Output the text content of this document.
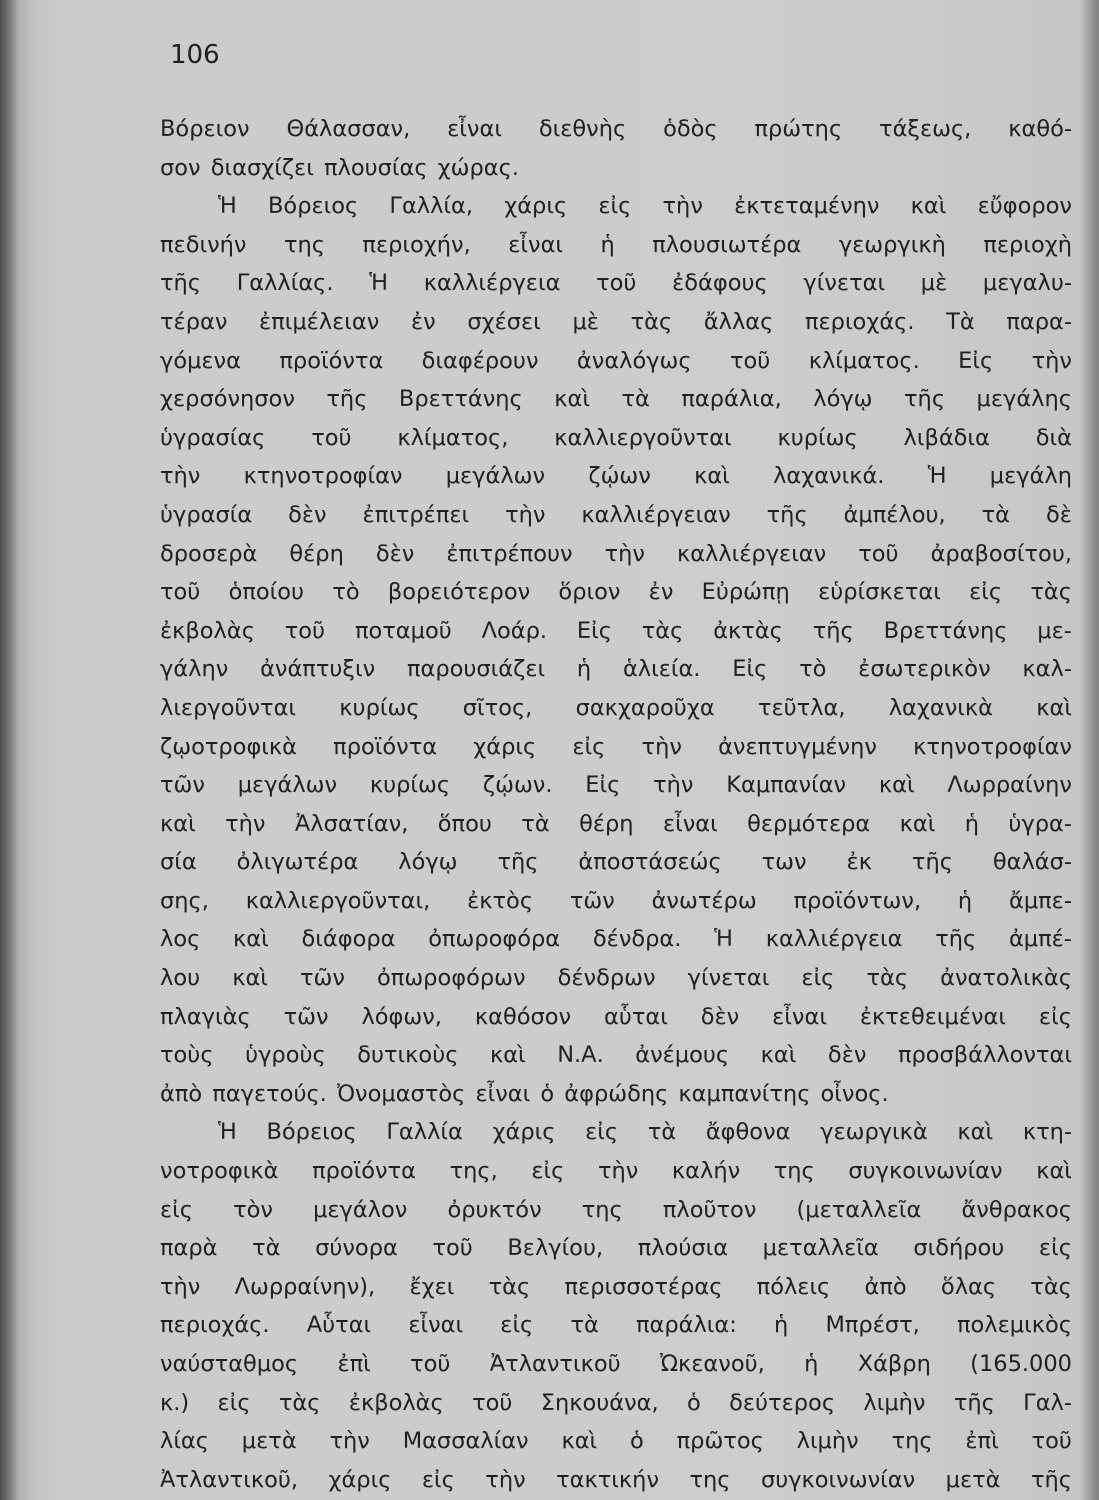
106
Βόρειον Θάλασσαν, εἶναι διεθνὴς ὁδὸς πρώτης τάξεως, καθό-
σον διασχίζει πλουσίας χώρας.
Ἡ Βόρειος Γαλλία, χάρις εἰς τὴν ἐκτεταμένην καὶ εὔφορον
πεδινήν της περιοχήν, εἶναι ἡ πλουσιωτέρα γεωργικὴ περιοχὴ
τῆς Γαλλίας. Ἡ καλλιέργεια τοῦ ἐδάφους γίνεται μὲ μεγαλυ-
τέραν ἐπιμέλειαν ἐν σχέσει μὲ τὰς ἄλλας περιοχάς. Τὰ παρα-
γόμενα προϊόντα διαφέρουν ἀναλόγως τοῦ κλίματος. Εἰς τὴν
χερσόνησον τῆς Βρεττάνης καὶ τὰ παράλια, λόγῳ τῆς μεγάλης
ὑγρασίας τοῦ κλίματος, καλλιεργοῦνται κυρίως λιβάδια διὰ
τὴν κτηνοτροφίαν μεγάλων ζῴων καὶ λαχανικά. Ἡ μεγάλη
ὑγρασία δὲν ἐπιτρέπει τὴν καλλιέργειαν τῆς ἀμπέλου, τὰ δὲ
δροσερὰ θέρη δὲν ἐπιτρέπουν τὴν καλλιέργειαν τοῦ ἀραβοσίτου,
τοῦ ὁποίου τὸ βορειότερον ὅριον ἐν Εὐρώπῃ εὑρίσκεται εἰς τὰς
ἐκβολὰς τοῦ ποταμοῦ Λοάρ. Εἰς τὰς ἀκτὰς τῆς Βρεττάνης με-
γάλην ἀνάπτυξιν παρουσιάζει ἡ ἁλιεία. Εἰς τὸ ἐσωτερικὸν καλ-
λιεργοῦνται κυρίως σῖτος, σακχαροῦχα τεῦτλα, λαχανικὰ καὶ
ζῳοτροφικὰ προϊόντα χάρις εἰς τὴν ἀνεπτυγμένην κτηνοτροφίαν
τῶν μεγάλων κυρίως ζῴων. Εἰς τὴν Καμπανίαν καὶ Λωρραίνην
καὶ τὴν Ἀλσατίαν, ὅπου τὰ θέρη εἶναι θερμότερα καὶ ἡ ὑγρα-
σία ὀλιγωτέρα λόγῳ τῆς ἀποστάσεώς των ἐκ τῆς θαλάσ-
σης, καλλιεργοῦνται, ἐκτὸς τῶν ἀνωτέρω προϊόντων, ἡ ἄμπε-
λος καὶ διάφορα ὀπωροφόρα δένδρα. Ἡ καλλιέργεια τῆς ἀμπέ-
λου καὶ τῶν ὀπωροφόρων δένδρων γίνεται εἰς τὰς ἀνατολικὰς
πλαγιὰς τῶν λόφων, καθόσον αὗται δὲν εἶναι ἐκτεθειμέναι εἰς
τοὺς ὑγροὺς δυτικοὺς καὶ Ν.Α. ἀνέμους καὶ δὲν προσβάλλονται
ἀπὸ παγετούς. Ὀνομαστὸς εἶναι ὁ ἀφρώδης καμπανίτης οἶνος.
Ἡ Βόρειος Γαλλία χάρις εἰς τὰ ἄφθονα γεωργικὰ καὶ κτη-
νοτροφικὰ προϊόντα της, εἰς τὴν καλήν της συγκοινωνίαν καὶ
εἰς τὸν μεγάλον ὀρυκτόν της πλοῦτον (μεταλλεῖα ἄνθρακος
παρὰ τὰ σύνορα τοῦ Βελγίου, πλούσια μεταλλεῖα σιδήρου εἰς
τὴν Λωρραίνην), ἔχει τὰς περισσοτέρας πόλεις ἀπὸ ὅλας τὰς
περιοχάς. Αὗται εἶναι εἰς τὰ παράλια: ἡ Μπρέστ, πολεμικὸς
ναύσταθμος ἐπὶ τοῦ Ἀτλαντικοῦ Ὠκεανοῦ, ἡ Χάβρη (165.000
κ.) εἰς τὰς ἐκβολὰς τοῦ Σηκουάνα, ὁ δεύτερος λιμὴν τῆς Γαλ-
λίας μετὰ τὴν Μασσαλίαν καὶ ὁ πρῶτος λιμὴν της ἐπὶ τοῦ
Ἀτλαντικοῦ, χάρις εἰς τὴν τακτικήν της συγκοινωνίαν μετὰ τῆς
